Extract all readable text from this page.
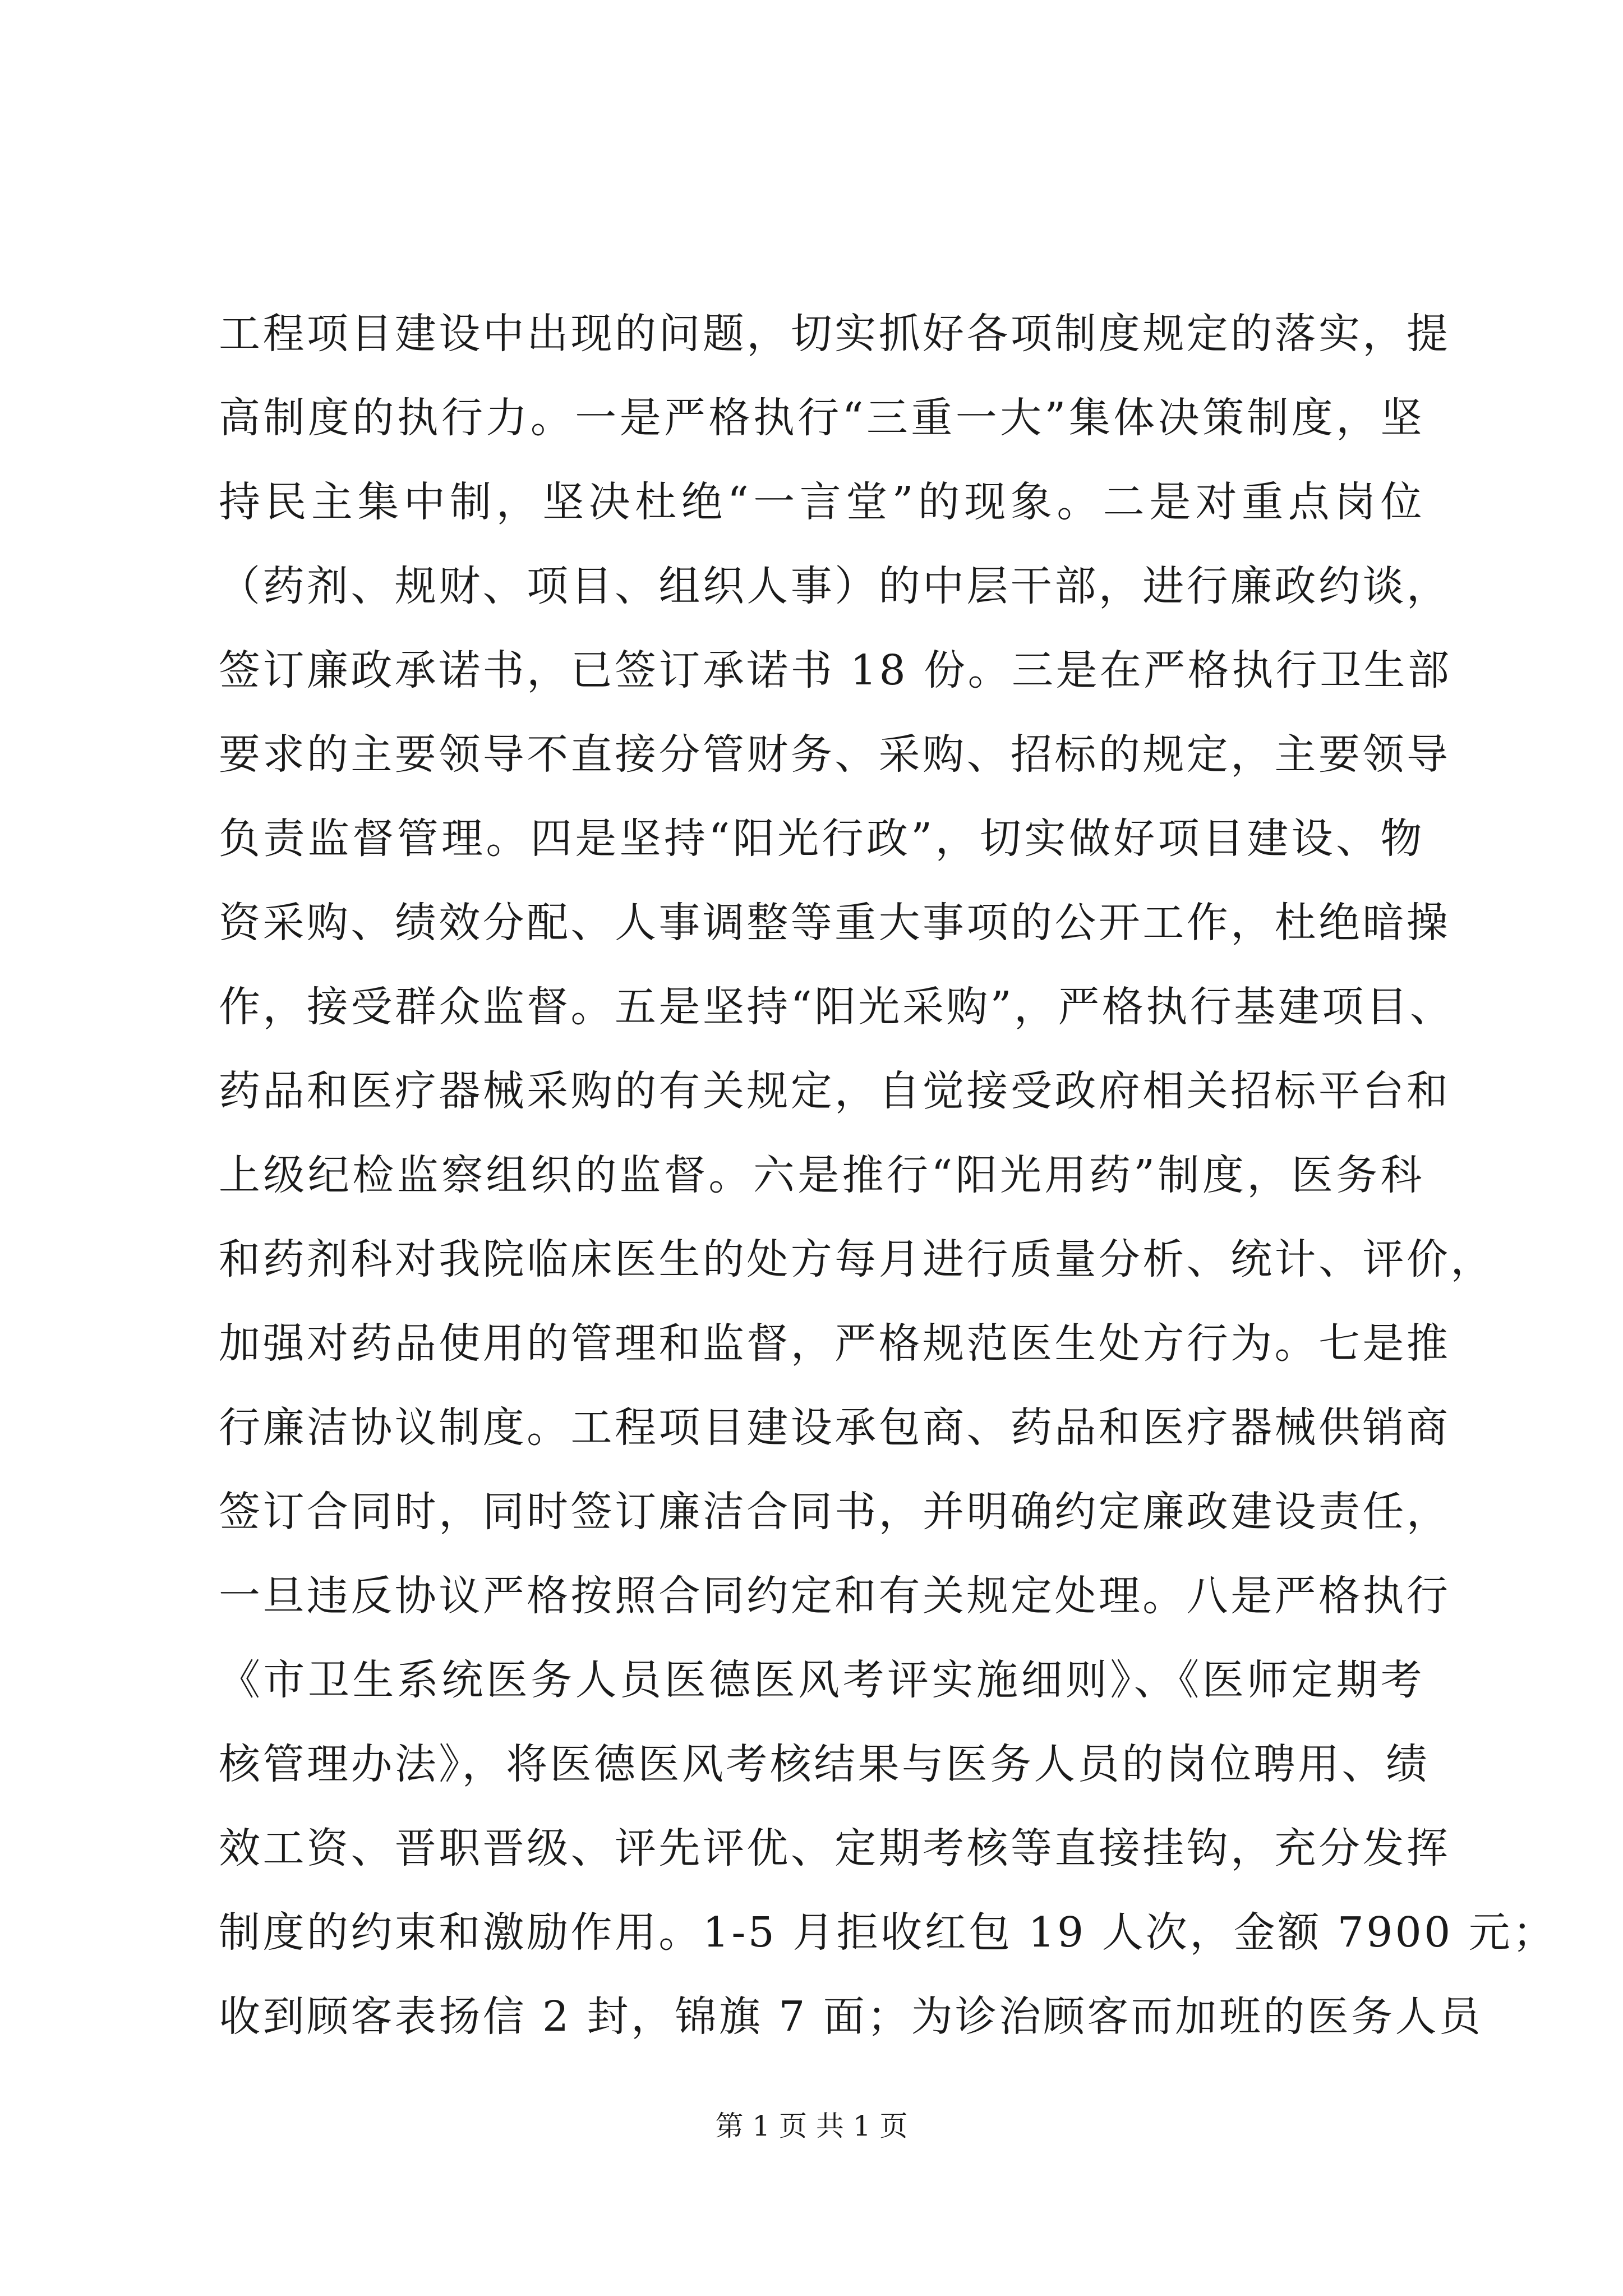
工程项目建设中出现的问题，切实抓好各项制度规定的落实，提
高制度的执行力。一是严格执行“三重一大”集体决策制度，坚
持民主集中制，坚决杜绝“一言堂”的现象。二是对重点岗位
（药剂、规财、项目、组织人事）的中层干部，进行廉政约谈，
签订廉政承诺书，已签订承诺书 18 份。三是在严格执行卫生部
要求的主要领导不直接分管财务、采购、招标的规定，主要领导
负责监督管理。四是坚持“阳光行政”，切实做好项目建设、物
资采购、绩效分配、人事调整等重大事项的公开工作，杜绝暗操
作，接受群众监督。五是坚持“阳光采购”，严格执行基建项目、
药品和医疗器械采购的有关规定，自觉接受政府相关招标平台和
上级纪检监察组织的监督。六是推行“阳光用药”制度，医务科
和药剂科对我院临床医生的处方每月进行质量分析、统计、评价，
加强对药品使用的管理和监督，严格规范医生处方行为。七是推
行廉洁协议制度。工程项目建设承包商、药品和医疗器械供销商
签订合同时，同时签订廉洁合同书，并明确约定廉政建设责任，
一旦违反协议严格按照合同约定和有关规定处理。八是严格执行
《市卫生系统医务人员医德医风考评实施细则》、《医师定期考
核管理办法》，将医德医风考核结果与医务人员的岗位聘用、绩
效工资、晋职晋级、评先评优、定期考核等直接挂钩，充分发挥
制度的约束和激励作用。1-5 月拒收红包 19 人次，金额 7900 元；
收到顾客表扬信 2 封，锦旗 7 面；为诊治顾客而加班的医务人员
第 1 页 共 1 页
